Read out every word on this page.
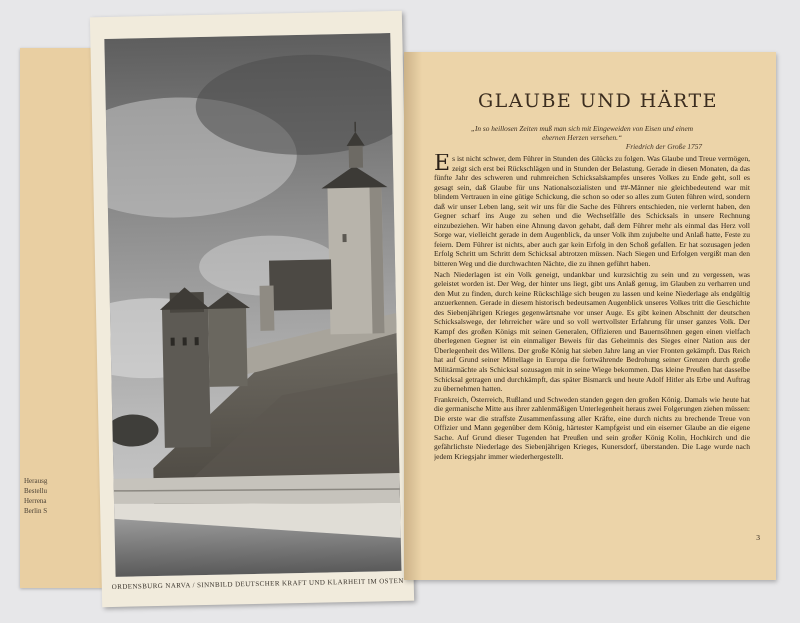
Herausg
Bestellu
Herrena
Berlin S
ORDENSBURG NARVA / SINNBILD DEUTSCHER KRAFT UND KLARHEIT IM OSTEN
GLAUBE UND HÄRTE
„In so heillosen Zeiten muß man sich mit Eingeweiden von Eisen und einem ehernen Herzen versehen.“
Friedrich der Große 1757

Es ist nicht schwer, dem Führer in Stunden des Glücks zu folgen. Was Glaube und Treue vermögen, zeigt sich erst bei Rückschlägen und in Stunden der Belastung. Gerade in diesen Monaten, da das fünfte Jahr des schweren und ruhmreichen Schicksalskampfes unseres Volkes zu Ende geht, soll es gesagt sein, daß Glaube für uns Nationalsozialisten und ##-Männer nie gleichbedeutend war mit blindem Vertrauen in eine gütige Schickung, die schon so oder so alles zum Guten führen wird, sondern daß wir unser Leben lang, seit wir uns für die Sache des Führers entschieden, nie verlernt haben, den Gegner scharf ins Auge zu sehen und die Wechselfälle des Schicksals in unsere Rechnung einzubeziehen. Wir haben eine Ahnung davon gehabt, daß dem Führer mehr als einmal das Herz voll Sorge war, vielleicht gerade in dem Augenblick, da unser Volk ihm zujubelte und Anlaß hatte, Feste zu feiern. Dem Führer ist nichts, aber auch gar kein Erfolg in den Schoß gefallen. Er hat sozusagen jeden Erfolg Schritt um Schritt dem Schicksal abtrotzen müssen. Nach Siegen und Erfolgen vergißt man den bitteren Weg und die durchwachten Nächte, die zu ihnen geführt haben.

Nach Niederlagen ist ein Volk geneigt, undankbar und kurzsichtig zu sein und zu vergessen, was geleistet worden ist. Der Weg, der hinter uns liegt, gibt uns Anlaß genug, im Glauben zu verharren und den Mut zu finden, durch keine Rückschläge sich beugen zu lassen und keine Niederlage als endgültig anzuerkennen. Gerade in diesem historisch bedeutsamen Augenblick unseres Volkes tritt die Geschichte des Siebenjährigen Krieges gegenwärtsnahe vor unser Auge. Es gibt keinen Abschnitt der deutschen Schicksalswege, der lehrreicher wäre und so voll wertvollster Erfahrung für unser ganzes Volk. Der Kampf des großen Königs mit seinen Generalen, Offizieren und Bauernsöhnen gegen einen vielfach überlegenen Gegner ist ein einmaliger Beweis für das Geheimnis des Sieges einer Nation aus der Überlegenheit des Willens. Der große König hat sieben Jahre lang an vier Fronten gekämpft. Das Reich hat auf Grund seiner Mittellage in Europa die fortwährende Bedrohung seiner Grenzen durch große Militärmächte als Schicksal sozusagen mit in seine Wiege bekommen. Das kleine Preußen hat dasselbe Schicksal getragen und durchkämpft, das später Bismarck und heute Adolf Hitler als Erbe und Auftrag zu übernehmen hatten.

Frankreich, Österreich, Rußland und Schweden standen gegen den großen König. Damals wie heute hat die germanische Mitte aus ihrer zahlenmäßigen Unterlegenheit heraus zwei Folgerungen ziehen müssen: Die erste war die straffste Zusammenfassung aller Kräfte, eine durch nichts zu brechende Treue von Offizier und Mann gegenüber dem König, härtester Kampfgeist und ein eiserner Glaube an die eigene Sache. Auf Grund dieser Tugenden hat Preußen und sein großer König Kolin, Hochkirch und die gefährlichste Niederlage des Siebenjährigen Krieges, Kunersdorf, überstanden. Die Lage wurde nach jedem Kriegsjahr immer wiederhergestellt.

3
